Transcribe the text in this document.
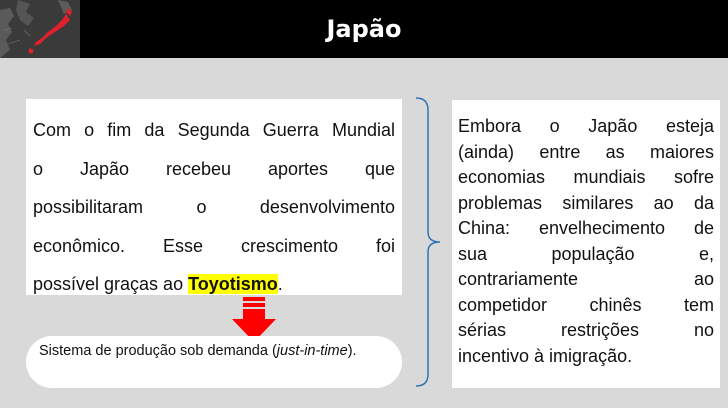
Japão
Com o fim da Segunda Guerra Mundial
o Japão recebeu aportes que
possibilitaram o desenvolvimento
econômico. Esse crescimento foi
possível graças ao Toyotismo.
Sistema de produção sob demanda (just-in-time).
Embora o Japão esteja
(ainda) entre as maiores
economias mundiais sofre
problemas similares ao da
China: envelhecimento de
sua população e,
contrariamente ao
competidor chinês tem
sérias restrições no
incentivo à imigração.
